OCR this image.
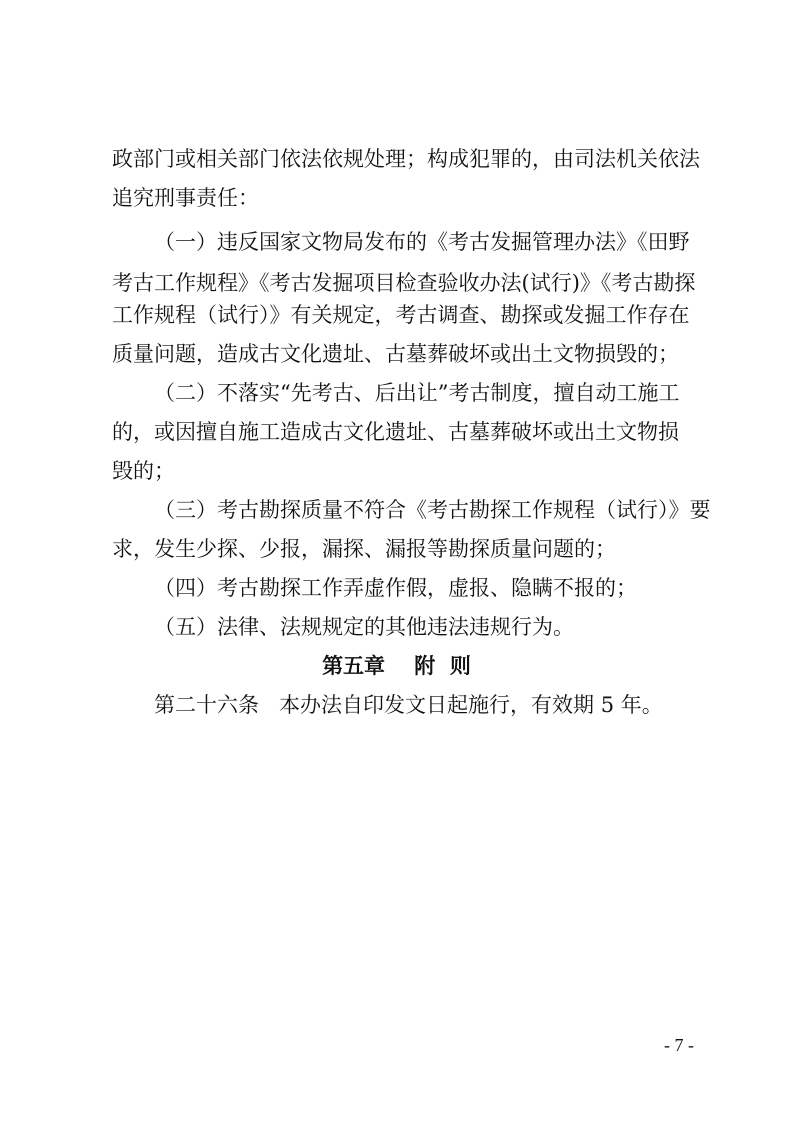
政部门或相关部门依法依规处理；构成犯罪的，由司法机关依法
追究刑事责任：
（一）违反国家文物局发布的《考古发掘管理办法》《田野
考古工作规程》《考古发掘项目检查验收办法(试行)》《考古勘探
工作规程（试行）》有关规定，考古调查、勘探或发掘工作存在
质量问题，造成古文化遗址、古墓葬破坏或出土文物损毁的；
（二）不落实“先考古、后出让”考古制度，擅自动工施工
的，或因擅自施工造成古文化遗址、古墓葬破坏或出土文物损
毁的；
（三）考古勘探质量不符合《考古勘探工作规程（试行）》要
求，发生少探、少报，漏探、漏报等勘探质量问题的；
（四）考古勘探工作弄虚作假，虚报、隐瞒不报的；
（五）法律、法规规定的其他违法违规行为。
第五章    附  则
第二十六条   本办法自印发文日起施行，有效期 5 年。
- 7 -
